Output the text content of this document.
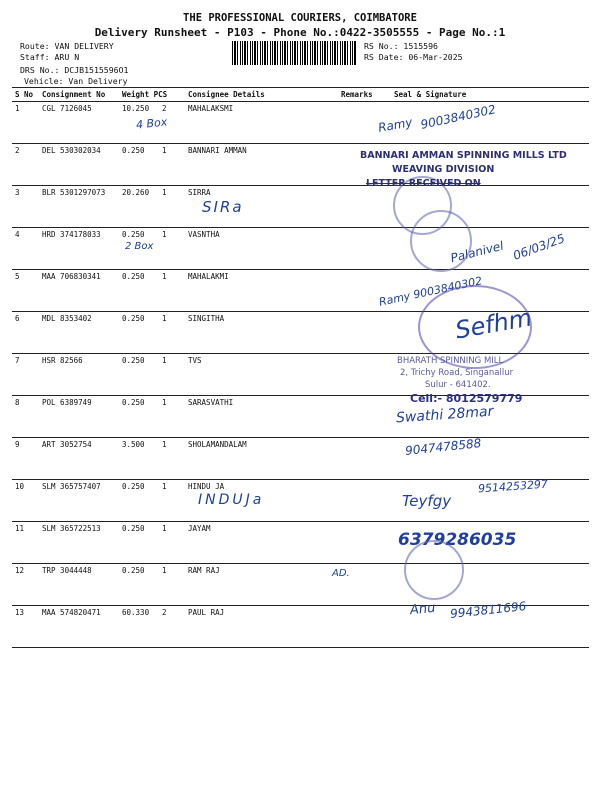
THE PROFESSIONAL COURIERS, COIMBATORE
Delivery Runsheet - P103 - Phone No.:0422-3505555 - Page No.:1
Route: VAN DELIVERY
Staff: ARU N
DRS No.: DCJB1515596O1
Vehicle: Van Delivery
RS No.: 1515596
RS Date: 06-Mar-2025
S No	Consignment No	Weight PCS	Consignee Details	Remarks	Seal & Signature
1	CGL 7126045	10.250 2	MAHALAKSMI		
2	DEL 530302034	0.250 1	BANNARI AMMAN		
3	BLR 5301297073	20.260 1	SIRRA		
4	HRD 374178033	0.250 1	VASNTHA		
5	MAA 706830341	0.250 1	MAHALAKMI		
6	MDL 8353402	0.250 1	SINGITHA		
7	HSR 82566	0.250 1	TVS		
8	POL 6389749	0.250 1	SARASVATHI		
9	ART 3052754	3.500 1	SHOLAMANDALAM		
10	SLM 365757407	0.250 1	HINDU JA		
11	SLM 365722513	0.250 1	JAYAM		
12	TRP 3044448	0.250 1	RAM RAJ		
13	MAA 574820471	60.330 2	PAUL RAJ		
4 Box	Ramy 9003840302
SIRa
2 Box	Palanivel 06/03/25
Ramy 9003840302
Sefhm
Swathi 28mar
9047478588
INDUJa
9514253297
Teyfgy
6379286035
AD.
Anu 9943811696
BANNARI AMMAN SPINNING MILLS LTD
WEAVING DIVISION
LETTER RECEIVED ON
BHARATH SPINNING MILL
2, Trichy Road, Singanallur
Sulur - 641402.
Cell:- 8012579779
